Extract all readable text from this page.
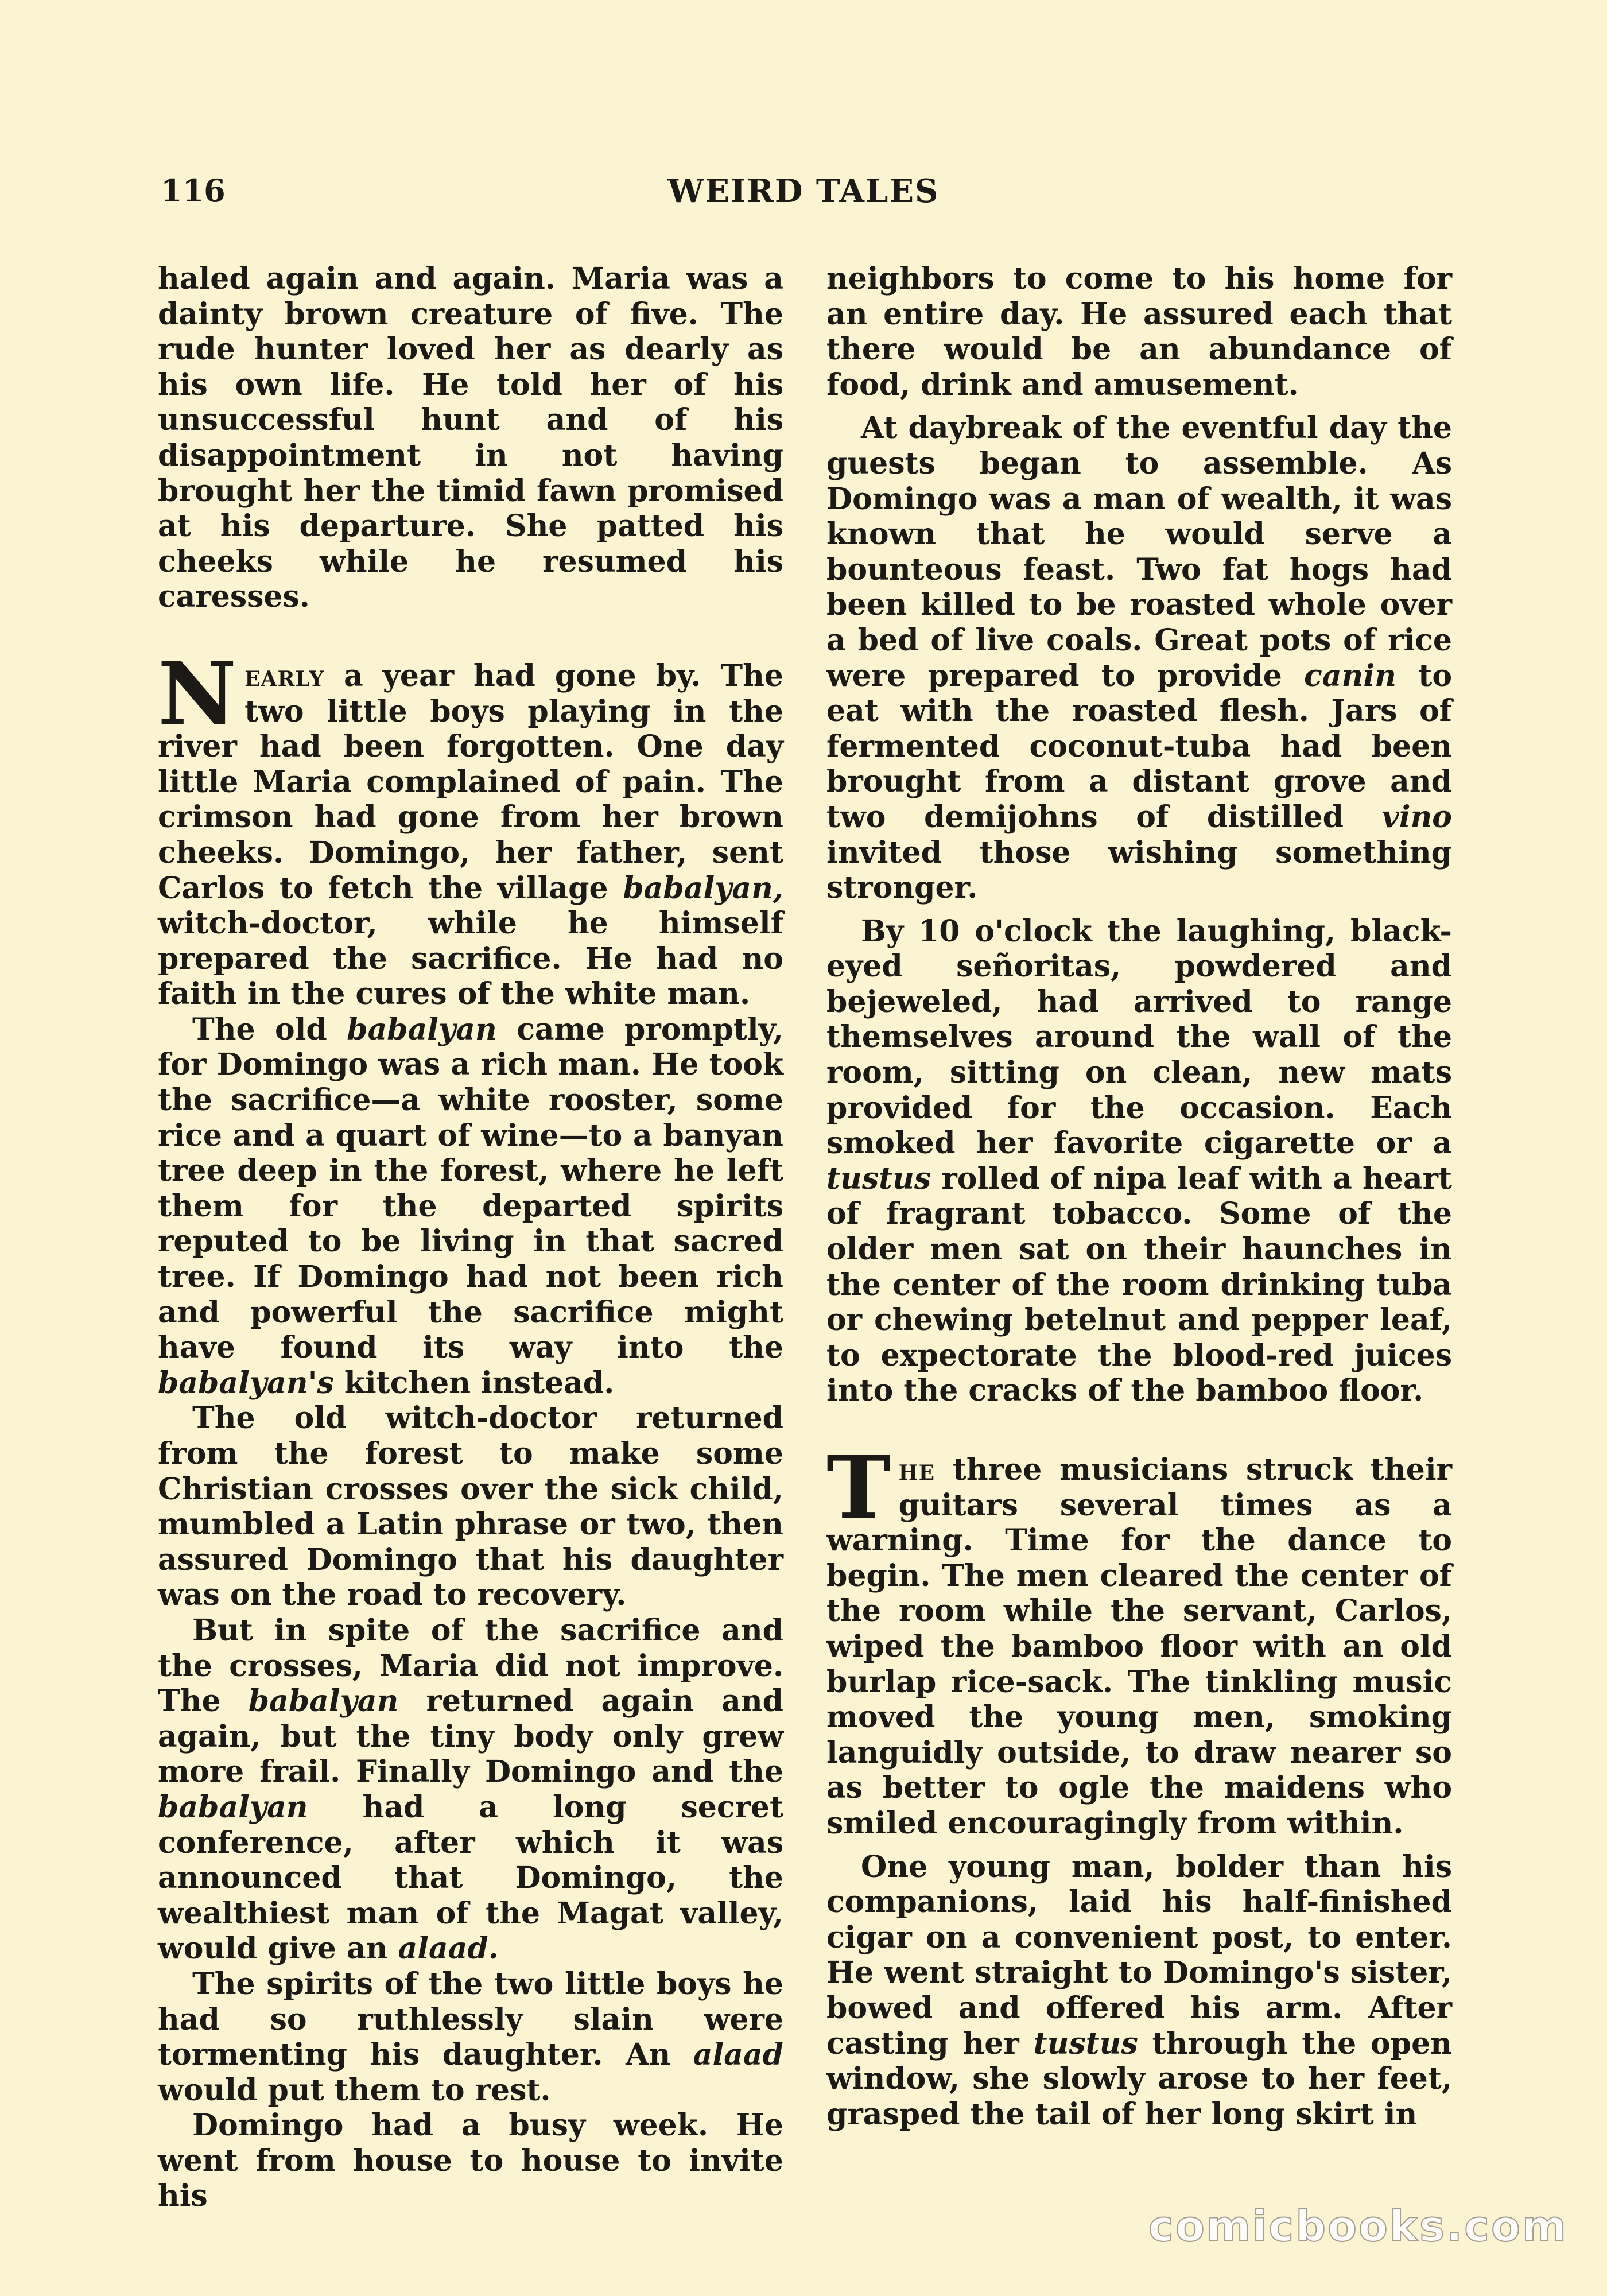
116	WEIRD TALES

haled again and again. Maria was a dainty brown creature of five. The rude hunter loved her as dearly as his own life. He told her of his unsuccessful hunt and of his disappointment in not having brought her the timid fawn promised at his departure. She patted his cheeks while he resumed his caresses.

Nearly a year had gone by. The two little boys playing in the river had been forgotten. One day little Maria complained of pain. The crimson had gone from her brown cheeks. Domingo, her father, sent Carlos to fetch the village babalyan, witch-doctor, while he himself prepared the sacrifice. He had no faith in the cures of the white man.

The old babalyan came promptly, for Domingo was a rich man. He took the sacrifice—a white rooster, some rice and a quart of wine—to a banyan tree deep in the forest, where he left them for the departed spirits reputed to be living in that sacred tree. If Domingo had not been rich and powerful the sacrifice might have found its way into the babalyan's kitchen instead.

The old witch-doctor returned from the forest to make some Christian crosses over the sick child, mumbled a Latin phrase or two, then assured Domingo that his daughter was on the road to recovery.

But in spite of the sacrifice and the crosses, Maria did not improve. The babalyan returned again and again, but the tiny body only grew more frail. Finally Domingo and the babalyan had a long secret conference, after which it was announced that Domingo, the wealthiest man of the Magat valley, would give an alaad.

The spirits of the two little boys he had so ruthlessly slain were tormenting his daughter. An alaad would put them to rest.

Domingo had a busy week. He went from house to house to invite his

neighbors to come to his home for an entire day. He assured each that there would be an abundance of food, drink and amusement.

At daybreak of the eventful day the guests began to assemble. As Domingo was a man of wealth, it was known that he would serve a bounteous feast. Two fat hogs had been killed to be roasted whole over a bed of live coals. Great pots of rice were prepared to provide canin to eat with the roasted flesh. Jars of fermented coconut-tuba had been brought from a distant grove and two demijohns of distilled vino invited those wishing something stronger.

By 10 o'clock the laughing, black-eyed señoritas, powdered and bejeweled, had arrived to range themselves around the wall of the room, sitting on clean, new mats provided for the occasion. Each smoked her favorite cigarette or a tustus rolled of nipa leaf with a heart of fragrant tobacco. Some of the older men sat on their haunches in the center of the room drinking tuba or chewing betelnut and pepper leaf, to expectorate the blood-red juices into the cracks of the bamboo floor.

The three musicians struck their guitars several times as a warning. Time for the dance to begin. The men cleared the center of the room while the servant, Carlos, wiped the bamboo floor with an old burlap rice-sack. The tinkling music moved the young men, smoking languidly outside, to draw nearer so as better to ogle the maidens who smiled encouragingly from within.

One young man, bolder than his companions, laid his half-finished cigar on a convenient post, to enter. He went straight to Domingo's sister, bowed and offered his arm. After casting her tustus through the open window, she slowly arose to her feet, grasped the tail of her long skirt in

comicbooks.com
